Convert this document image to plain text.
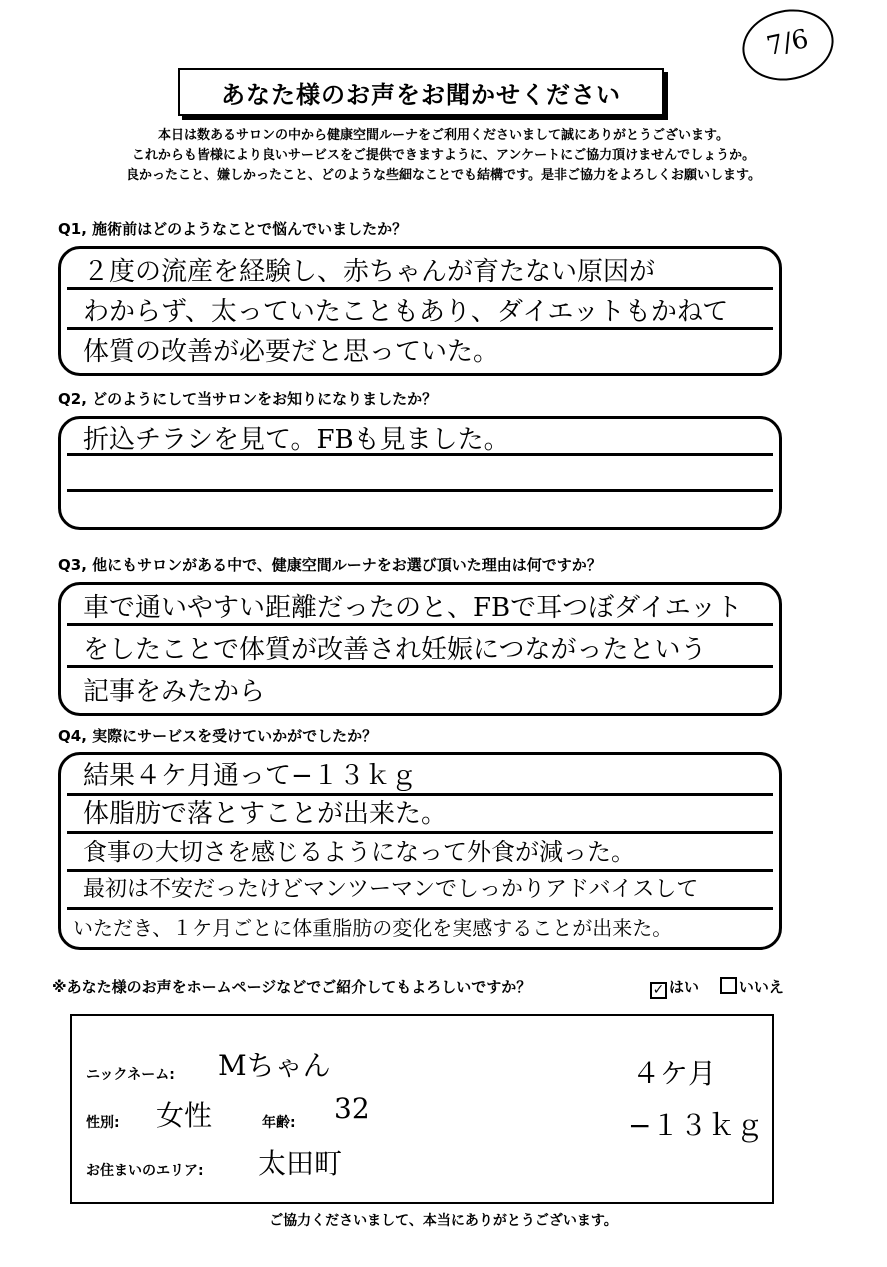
7/6
あなた様のお声をお聞かせください
本日は数あるサロンの中から健康空間ルーナをご利用くださいまして誠にありがとうございます。
これからも皆様により良いサービスをご提供できますように、アンケートにご協力頂けませんでしょうか。
良かったこと、嫌しかったこと、どのような些細なことでも結構です。是非ご協力をよろしくお願いします。
Q1, 施術前はどのようなことで悩んでいましたか？
２度の流産を経験し、赤ちゃんが育たない原因が
わからず、太っていたこともあり、ダイエットもかねて
体質の改善が必要だと思っていた。
Q2, どのようにして当サロンをお知りになりましたか？
折込チラシを見て。FBも見ました。
Q3, 他にもサロンがある中で、健康空間ルーナをお選び頂いた理由は何ですか？
車で通いやすい距離だったのと、FBで耳つぼダイエット
をしたことで体質が改善され妊娠につながったという
記事をみたから
Q4, 実際にサービスを受けていかがでしたか？
結果４ケ月通って−１３ｋｇ
体脂肪で落とすことが出来た。
食事の大切さを感じるようになって外食が減った。
最初は不安だったけどマンツーマンでしっかりアドバイスして
いただき、１ケ月ごとに体重脂肪の変化を実感することが出来た。
※あなた様のお声をホームページなどでご紹介してもよろしいですか？	✓ はい	いいえ
ニックネーム: Mちゃん
性別: 女性	年齢: 32
お住まいのエリア: 太田町
４ケ月
−１３ｋｇ
ご協力くださいまして、本当にありがとうございます。
